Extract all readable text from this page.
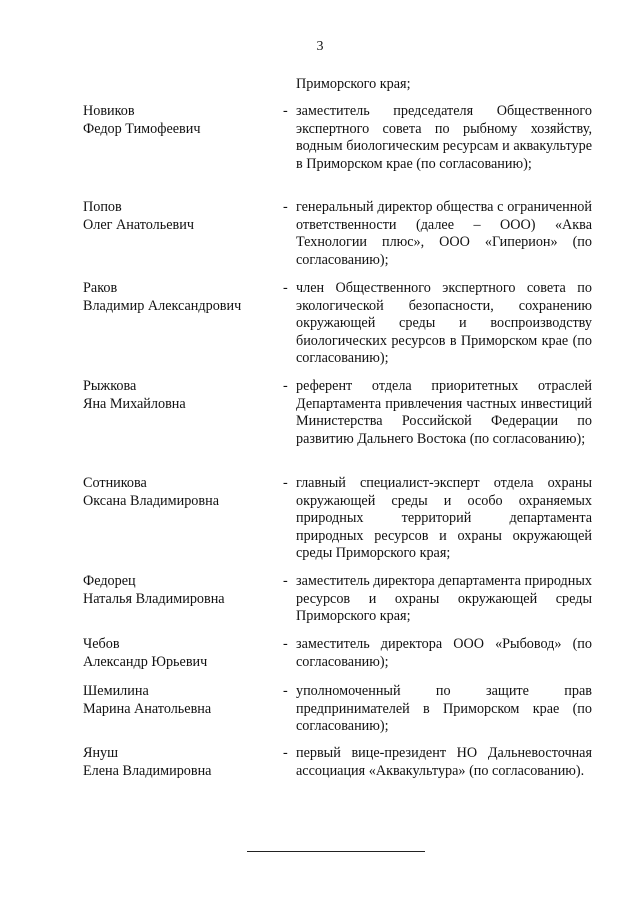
3
Приморского края;
Новиков
Федор Тимофеевич
- заместитель председателя Общественного экспертного совета по рыбному хозяйству, водным биологическим ресурсам и аквакультуре в Приморском крае (по согласованию);
Попов
Олег Анатольевич
- генеральный директор общества с ограниченной ответственности (далее – ООО) «Аква Технологии плюс», ООО «Гиперион» (по согласованию);
Раков
Владимир Александрович
- член Общественного экспертного совета по экологической безопасности, сохранению окружающей среды и воспроизводству биологических ресурсов в Приморском крае (по согласованию);
Рыжкова
Яна Михайловна
- референт отдела приоритетных отраслей Департамента привлечения частных инвестиций Министерства Российской Федерации по развитию Дальнего Востока (по согласованию);
Сотникова
Оксана Владимировна
- главный специалист-эксперт отдела охраны окружающей среды и особо охраняемых природных территорий департамента природных ресурсов и охраны окружающей среды Приморского края;
Федорец
Наталья Владимировна
- заместитель директора департамента природных ресурсов и охраны окружающей среды Приморского края;
Чебов
Александр Юрьевич
- заместитель директора ООО «Рыбовод» (по согласованию);
Шемилина
Марина Анатольевна
- уполномоченный по защите прав предпринимателей в Приморском крае (по согласованию);
Януш
Елена Владимировна
- первый вице-президент НО Дальневосточная ассоциация «Аквакультура» (по согласованию).
